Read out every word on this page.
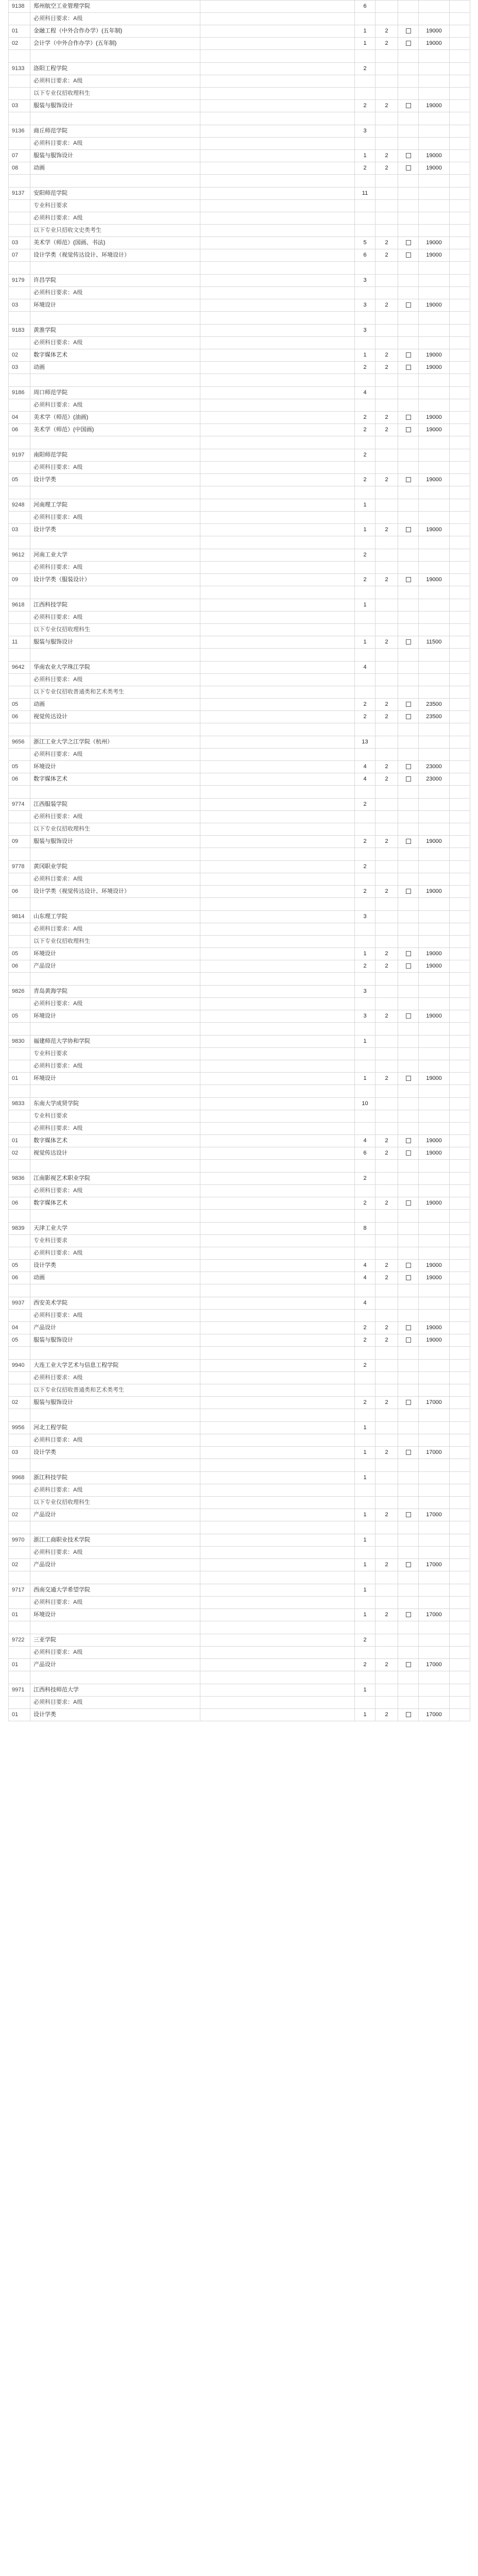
9138	郑州航空工业管理学院		6				
	必须科目要求：A级						
01	金融工程（中外合作办学）(五年制)		1	2		19000	
02	会计学（中外合作办学）(五年制)		1	2		19000	

9133	洛阳工程学院		2				
	必须科目要求：A级						
	以下专业仅招收理科生						
03	服装与服饰设计		2	2		19000	

9136	商丘师范学院		3				
	必须科目要求：A级						
07	服装与服饰设计		1	2		19000	
08	动画		2	2		19000	

9137	安阳师范学院		11				
	专业科目要求						
	必须科目要求：A级						
	以下专业只招收文史类考生						
03	美术学（师范）(国画、书法)		5	2		19000	
07	设计学类（视觉传达设计、环境设计）		6	2		19000	

9179	许昌学院		3				
	必须科目要求：A级						
03	环境设计		3	2		19000	

9183	黄淮学院		3				
	必须科目要求：A级						
02	数字媒体艺术		1	2		19000	
03	动画		2	2		19000	

9186	周口师范学院		4				
	必须科目要求：A级						
04	美术学（师范）(油画)		2	2		19000	
06	美术学（师范）(中国画)		2	2		19000	

9197	南阳师范学院		2				
	必须科目要求：A级						
05	设计学类		2	2		19000	

9248	河南理工学院		1				
	必须科目要求：A级						
03	设计学类		1	2		19000	

9612	河南工业大学		2				
	必须科目要求：A级						
09	设计学类（服装设计）		2	2		19000	

9618	江西科技学院		1				
	必须科目要求：A级						
	以下专业仅招收理科生						
11	服装与服饰设计		1	2		11500	

9642	华南农业大学珠江学院		4				
	必须科目要求：A级						
	以下专业仅招收普通类和艺术类考生						
05	动画		2	2		23500	
06	视觉传达设计		2	2		23500	

9656	浙江工业大学之江学院（杭州）		13				
	必须科目要求：A级						
05	环境设计		4	2		23000	
06	数字媒体艺术		4	2		23000	

9774	江西服装学院		2				
	必须科目要求：A级						
	以下专业仅招收理科生						
09	服装与服饰设计		2	2		19000	

9778	黄冈职业学院		2				
	必须科目要求：A级						
06	设计学类（视觉传达设计、环境设计）		2	2		19000	

9814	山东理工学院		3				
	必须科目要求：A级						
	以下专业仅招收理科生						
05	环境设计		1	2		19000	
06	产品设计		2	2		19000	

9826	青岛黄海学院		3				
	必须科目要求：A级						
05	环境设计		3	2		19000	

9830	福建师范大学协和学院		1				
	专业科目要求						
	必须科目要求：A级						
01	环境设计		1	2		19000	

9833	东南大学成贤学院		10				
	专业科目要求						
	必须科目要求：A级						
01	数字媒体艺术		4	2		19000	
02	视觉传达设计		6	2		19000	

9836	江南影视艺术职业学院		2				
	必须科目要求：A级						
06	数字媒体艺术		2	2		19000	

9839	天津工业大学		8				
	专业科目要求						
	必须科目要求：A级						
05	设计学类		4	2		19000	
06	动画		4	2		19000	

9937	西安美术学院		4				
	必须科目要求：A级						
04	产品设计		2	2		19000	
05	服装与服饰设计		2	2		19000	

9940	大连工业大学艺术与信息工程学院		2				
	必须科目要求：A级						
	以下专业仅招收普通类和艺术类考生						
02	服装与服饰设计		2	2		17000	

9956	河北工程学院		1				
	必须科目要求：A级						
03	设计学类		1	2		17000	

9968	浙江科技学院		1				
	必须科目要求：A级						
	以下专业仅招收理科生						
02	产品设计		1	2		17000	

9970	浙江工商职业技术学院		1				
	必须科目要求：A级						
02	产品设计		1	2		17000	

9717	西南交通大学希望学院		1				
	必须科目要求：A级						
01	环境设计		1	2		17000	

9722	三亚学院		2				
	必须科目要求：A级						
01	产品设计		2	2		17000	

9971	江西科技师范大学		1				
	必须科目要求：A级						
01	设计学类		1	2		17000	
